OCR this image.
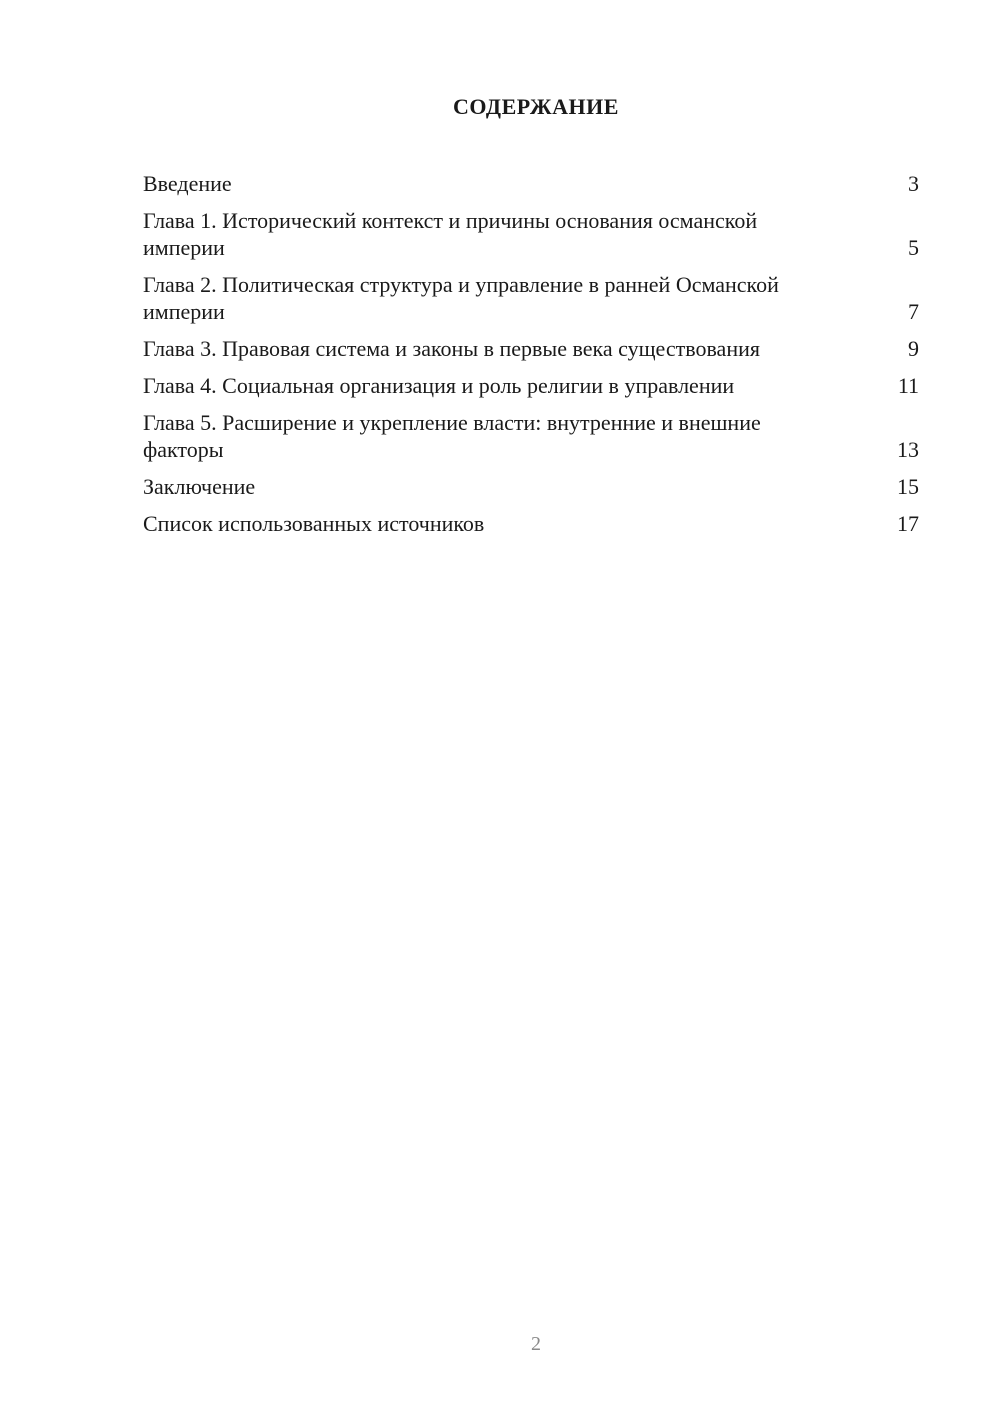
СОДЕРЖАНИЕ
Введение	3
Глава 1. Исторический контекст и причины основания османской империи	5
Глава 2. Политическая структура и управление в ранней Османской империи	7
Глава 3. Правовая система и законы в первые века существования	9
Глава 4. Социальная организация и роль религии в управлении	11
Глава 5. Расширение и укрепление власти: внутренние и внешние факторы	13
Заключение	15
Список использованных источников	17
2
